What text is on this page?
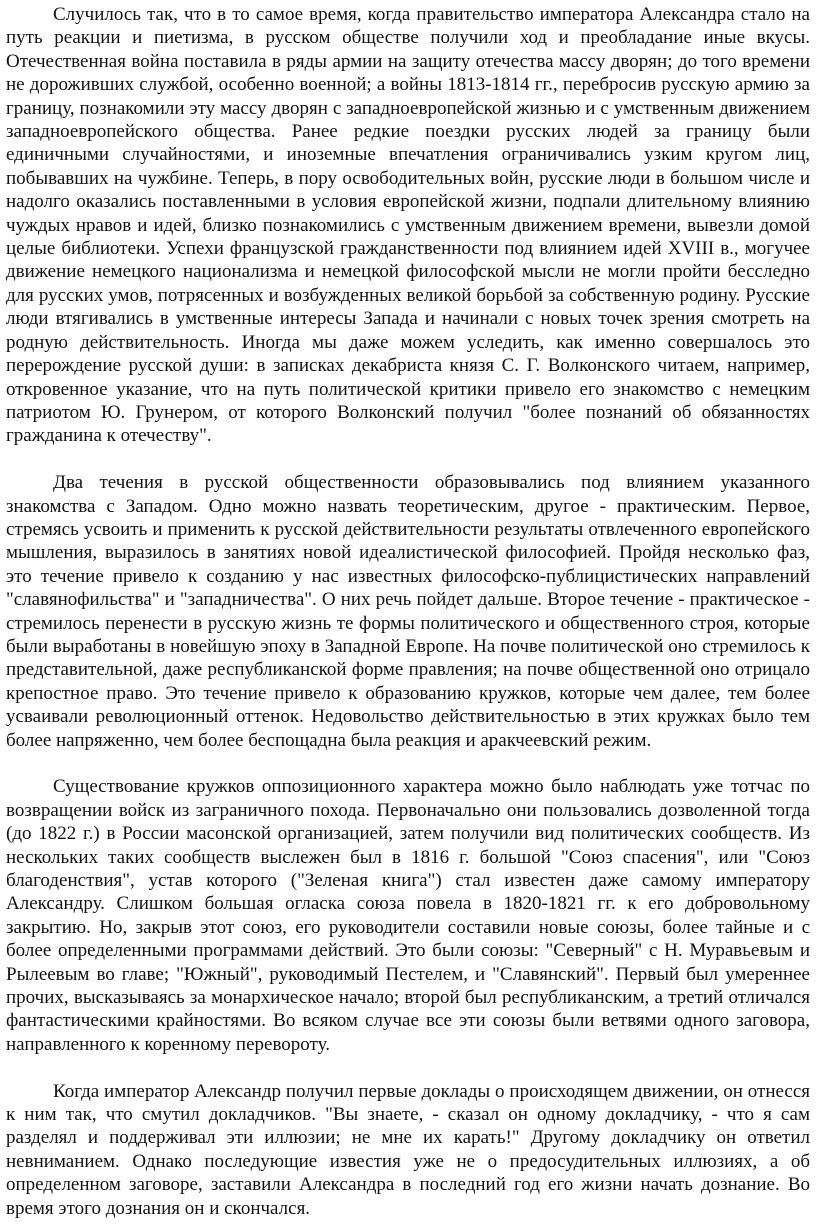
Случилось так, что в то самое время, когда правительство императора Александра стало на путь реакции и пиетизма, в русском обществе получили ход и преобладание иные вкусы. Отечественная война поставила в ряды армии на защиту отечества массу дворян; до того времени не дороживших службой, особенно военной; а войны 1813-1814 гг., перебросив русскую армию за границу, познакомили эту массу дворян с западноевропейской жизнью и с умственным движением западноевропейского общества. Ранее редкие поездки русских людей за границу были единичными случайностями, и иноземные впечатления ограничивались узким кругом лиц, побывавших на чужбине. Теперь, в пору освободительных войн, русские люди в большом числе и надолго оказались поставленными в условия европейской жизни, подпали длительному влиянию чуждых нравов и идей, близко познакомились с умственным движением времени, вывезли домой целые библиотеки. Успехи французской гражданственности под влиянием идей XVIII в., могучее движение немецкого национализма и немецкой философской мысли не могли пройти бесследно для русских умов, потрясенных и возбужденных великой борьбой за собственную родину. Русские люди втягивались в умственные интересы Запада и начинали с новых точек зрения смотреть на родную действительность. Иногда мы даже можем уследить, как именно совершалось это перерождение русской души: в записках декабриста князя С. Г. Волконского читаем, например, откровенное указание, что на путь политической критики привело его знакомство с немецким патриотом Ю. Грунером, от которого Волконский получил "более познаний об обязанностях гражданина к отечеству".

Два течения в русской общественности образовывались под влиянием указанного знакомства с Западом. Одно можно назвать теоретическим, другое - практическим. Первое, стремясь усвоить и применить к русской действительности результаты отвлеченного европейского мышления, выразилось в занятиях новой идеалистической философией. Пройдя несколько фаз, это течение привело к созданию у нас известных философско-публицистических направлений "славянофильства" и "западничества". О них речь пойдет дальше. Второе течение - практическое - стремилось перенести в русскую жизнь те формы политического и общественного строя, которые были выработаны в новейшую эпоху в Западной Европе. На почве политической оно стремилось к представительной, даже республиканской форме правления; на почве общественной оно отрицало крепостное право. Это течение привело к образованию кружков, которые чем далее, тем более усваивали революционный оттенок. Недовольство действительностью в этих кружках было тем более напряженно, чем более беспощадна была реакция и аракчеевский режим.

Существование кружков оппозиционного характера можно было наблюдать уже тотчас по возвращении войск из заграничного похода. Первоначально они пользовались дозволенной тогда (до 1822 г.) в России масонской организацией, затем получили вид политических сообществ. Из нескольких таких сообществ выслежен был в 1816 г. большой "Союз спасения", или "Союз благоденствия", устав которого ("Зеленая книга") стал известен даже самому императору Александру. Слишком большая огласка союза повела в 1820-1821 гг. к его добровольному закрытию. Но, закрыв этот союз, его руководители составили новые союзы, более тайные и с более определенными программами действий. Это были союзы: "Северный" с Н. Муравьевым и Рылеевым во главе; "Южный", руководимый Пестелем, и "Славянский". Первый был умереннее прочих, высказываясь за монархическое начало; второй был республиканским, а третий отличался фантастическими крайностями. Во всяком случае все эти союзы были ветвями одного заговора, направленного к коренному перевороту.

Когда император Александр получил первые доклады о происходящем движении, он отнесся к ним так, что смутил докладчиков. "Вы знаете, - сказал он одному докладчику, - что я сам разделял и поддерживал эти иллюзии; не мне их карать!" Другому докладчику он ответил невниманием. Однако последующие известия уже не о предосудительных иллюзиях, а об определенном заговоре, заставили Александра в последний год его жизни начать дознание. Во время этого дознания он и скончался.
